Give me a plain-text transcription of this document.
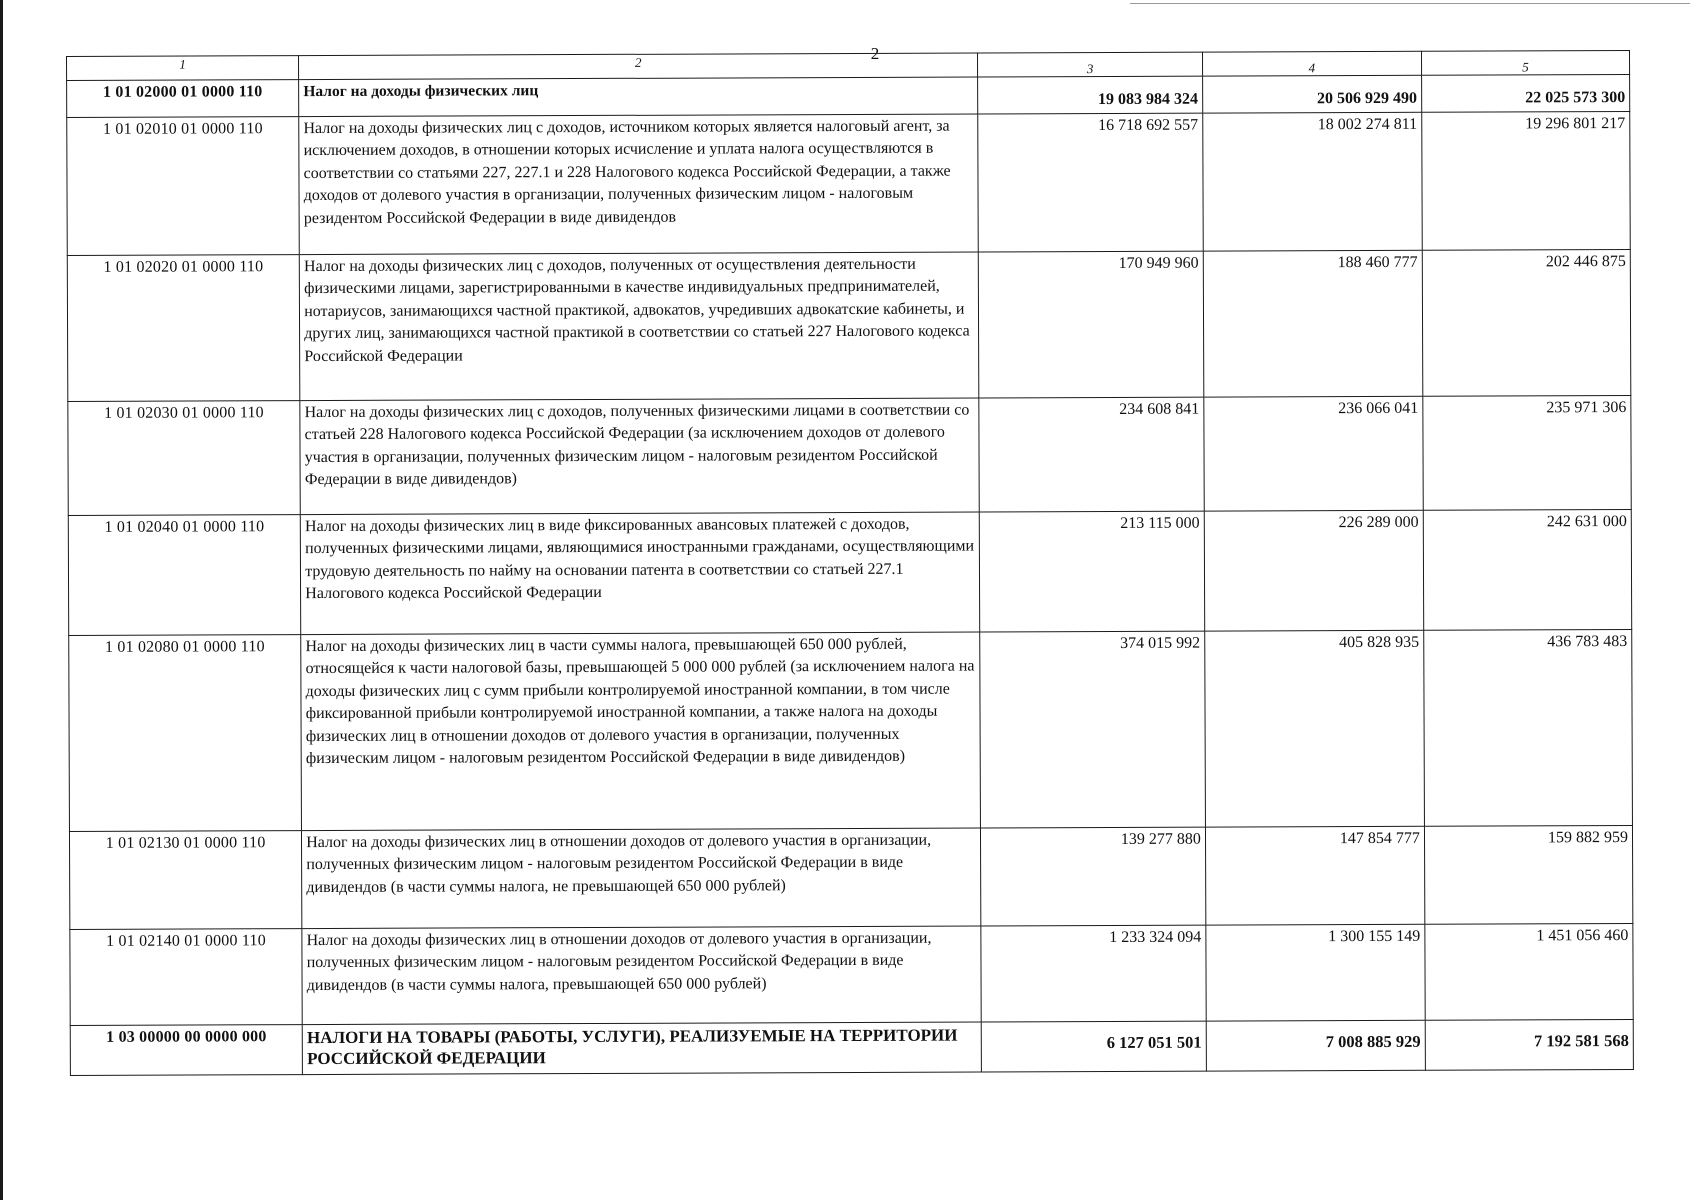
2
1	2	3	4	5
1 01 02000 01 0000 110	Налог на доходы физических лиц	19 083 984 324	20 506 929 490	22 025 573 300
1 01 02010 01 0000 110	Налог на доходы физических лиц с доходов, источником которых является налоговый агент, за исключением доходов, в отношении которых исчисление и уплата налога осуществляются в соответствии со статьями 227, 227.1 и 228 Налогового кодекса Российской Федерации, а также доходов от долевого участия в организации, полученных физическим лицом - налоговым резидентом Российской Федерации в виде дивидендов	16 718 692 557	18 002 274 811	19 296 801 217
1 01 02020 01 0000 110	Налог на доходы физических лиц с доходов, полученных от осуществления деятельности физическими лицами, зарегистрированными в качестве индивидуальных предпринимателей, нотариусов, занимающихся частной практикой, адвокатов, учредивших адвокатские кабинеты, и других лиц, занимающихся частной практикой в соответствии со статьей 227 Налогового кодекса Российской Федерации	170 949 960	188 460 777	202 446 875
1 01 02030 01 0000 110	Налог на доходы физических лиц с доходов, полученных физическими лицами в соответствии со статьей 228 Налогового кодекса Российской Федерации (за исключением доходов от долевого участия в организации, полученных физическим лицом - налоговым резидентом Российской Федерации в виде дивидендов)	234 608 841	236 066 041	235 971 306
1 01 02040 01 0000 110	Налог на доходы физических лиц в виде фиксированных авансовых платежей с доходов, полученных физическими лицами, являющимися иностранными гражданами, осуществляющими трудовую деятельность по найму на основании патента в соответствии со статьей 227.1 Налогового кодекса Российской Федерации	213 115 000	226 289 000	242 631 000
1 01 02080 01 0000 110	Налог на доходы физических лиц в части суммы налога, превышающей 650 000 рублей, относящейся к части налоговой базы, превышающей 5 000 000 рублей (за исключением налога на доходы физических лиц с сумм прибыли контролируемой иностранной компании, в том числе фиксированной прибыли контролируемой иностранной компании, а также налога на доходы физических лиц в отношении доходов от долевого участия в организации, полученных физическим лицом - налоговым резидентом Российской Федерации в виде дивидендов)	374 015 992	405 828 935	436 783 483
1 01 02130 01 0000 110	Налог на доходы физических лиц в отношении доходов от долевого участия в организации, полученных физическим лицом - налоговым резидентом Российской Федерации в виде дивидендов (в части суммы налога, не превышающей 650 000 рублей)	139 277 880	147 854 777	159 882 959
1 01 02140 01 0000 110	Налог на доходы физических лиц в отношении доходов от долевого участия в организации, полученных физическим лицом - налоговым резидентом Российской Федерации в виде дивидендов (в части суммы налога, превышающей 650 000 рублей)	1 233 324 094	1 300 155 149	1 451 056 460
1 03 00000 00 0000 000	НАЛОГИ НА ТОВАРЫ (РАБОТЫ, УСЛУГИ), РЕАЛИЗУЕМЫЕ НА ТЕРРИТОРИИ РОССИЙСКОЙ ФЕДЕРАЦИИ	6 127 051 501	7 008 885 929	7 192 581 568
